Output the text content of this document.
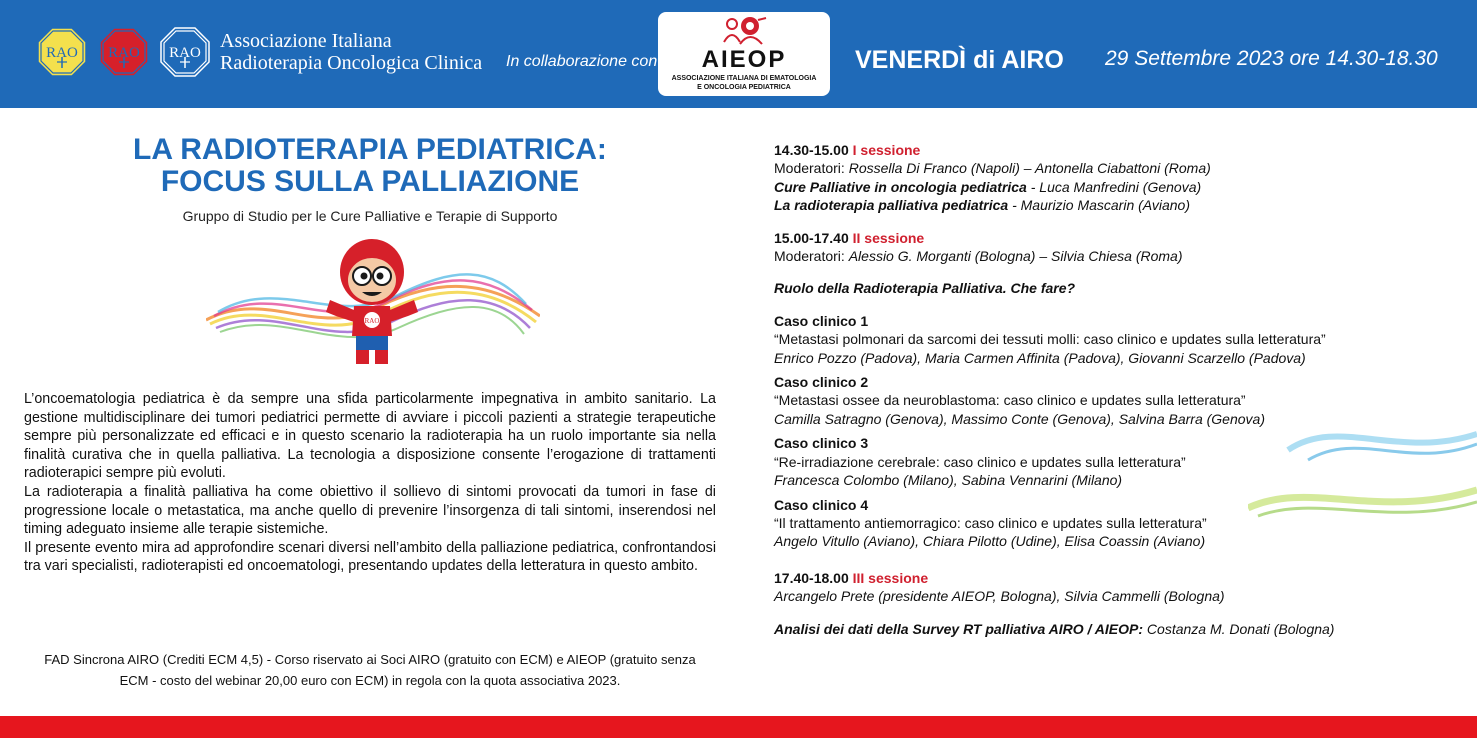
RAO RAO RAO
Associazione Italiana
Radioterapia Oncologica Clinica In collaborazione con	AIEOP
ASSOCIAZIONE ITALIANA DI EMATOLOGIA
E ONCOLOGIA PEDIATRICA
VENERDÌ di AIRO 29 Settembre 2023 ore 14.30-18.30
LA RADIOTERAPIA PEDIATRICA:
FOCUS SULLA PALLIAZIONE
Gruppo di Studio per le Cure Palliative e Terapie di Supporto
RAO

L’oncoematologia pediatrica è da sempre una sfida particolarmente impegnativa in ambito sanitario. La gestione multidisciplinare dei tumori pediatrici permette di avviare i piccoli pazienti a strategie terapeutiche sempre più personalizzate ed efficaci e in questo scenario la radioterapia ha un ruolo importante sia nella finalità curativa che in quella palliativa. La tecnologia a disposizione consente l’erogazione di trattamenti radioterapici sempre più evoluti.

La radioterapia a finalità palliativa ha come obiettivo il sollievo di sintomi provocati da tumori in fase di progressione locale o metastatica, ma anche quello di prevenire l’insorgenza di tali sintomi, inserendosi nel timing adeguato insieme alle terapie sistemiche.

Il presente evento mira ad approfondire scenari diversi nell’ambito della palliazione pediatrica, confrontandosi tra vari specialisti, radioterapisti ed oncoematologi, presentando updates della letteratura in questo ambito.

FAD Sincrona AIRO (Crediti ECM 4,5) - Corso riservato ai Soci AIRO (gratuito con ECM) e AIEOP (gratuito senza
ECM - costo del webinar 20,00 euro con ECM) in regola con la quota associativa 2023.
14.30-15.00 I sessione
Moderatori: Rossella Di Franco (Napoli) – Antonella Ciabattoni (Roma)
Cure Palliative in oncologia pediatrica - Luca Manfredini (Genova)
La radioterapia palliativa pediatrica - Maurizio Mascarin (Aviano)
15.00-17.40 II sessione
Moderatori: Alessio G. Morganti (Bologna) – Silvia Chiesa (Roma)
Ruolo della Radioterapia Palliativa. Che fare?
Caso clinico 1
“Metastasi polmonari da sarcomi dei tessuti molli: caso clinico e updates sulla letteratura”
Enrico Pozzo (Padova), Maria Carmen Affinita (Padova), Giovanni Scarzello (Padova)
Caso clinico 2
“Metastasi ossee da neuroblastoma: caso clinico e updates sulla letteratura”
Camilla Satragno (Genova), Massimo Conte (Genova), Salvina Barra (Genova)
Caso clinico 3
“Re-irradiazione cerebrale: caso clinico e updates sulla letteratura”
Francesca Colombo (Milano), Sabina Vennarini (Milano)
Caso clinico 4
“Il trattamento antiemorragico: caso clinico e updates sulla letteratura”
Angelo Vitullo (Aviano), Chiara Pilotto (Udine), Elisa Coassin (Aviano)
17.40-18.00 III sessione
Arcangelo Prete (presidente AIEOP, Bologna), Silvia Cammelli (Bologna)
Analisi dei dati della Survey RT palliativa AIRO / AIEOP: Costanza M. Donati (Bologna)
